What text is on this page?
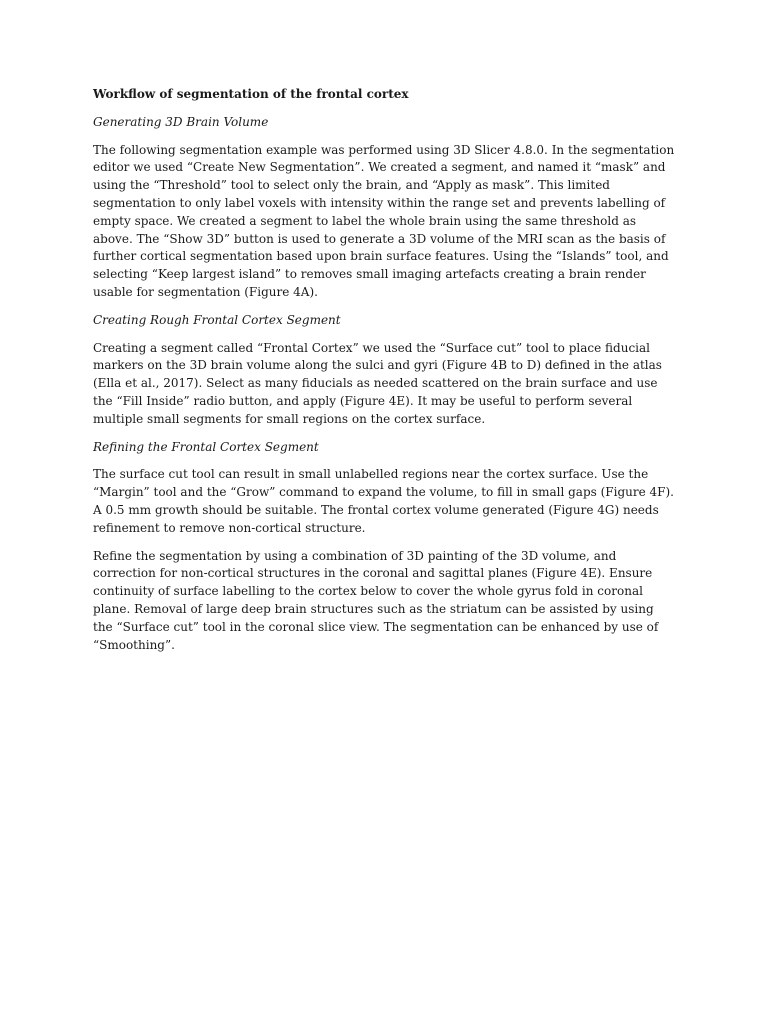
Workflow of segmentation of the frontal cortex

Generating 3D Brain Volume

The following segmentation example was performed using 3D Slicer 4.8.0. In the segmentation editor we used “Create New Segmentation”. We created a segment, and named it “mask” and using the “Threshold” tool to select only the brain, and “Apply as mask”. This limited segmentation to only label voxels with intensity within the range set and prevents labelling of empty space. We created a segment to label the whole brain using the same threshold as above. The “Show 3D” button is used to generate a 3D volume of the MRI scan as the basis of further cortical segmentation based upon brain surface features. Using the “Islands” tool, and selecting “Keep largest island” to removes small imaging artefacts creating a brain render usable for segmentation (Figure 4A).

Creating Rough Frontal Cortex Segment

Creating a segment called “Frontal Cortex” we used the “Surface cut” tool to place fiducial markers on the 3D brain volume along the sulci and gyri (Figure 4B to D) defined in the atlas (Ella et al., 2017). Select as many fiducials as needed scattered on the brain surface and use the “Fill Inside” radio button, and apply (Figure 4E). It may be useful to perform several multiple small segments for small regions on the cortex surface.

Refining the Frontal Cortex Segment

The surface cut tool can result in small unlabelled regions near the cortex surface. Use the “Margin” tool and the “Grow” command to expand the volume, to fill in small gaps (Figure 4F). A 0.5 mm growth should be suitable. The frontal cortex volume generated (Figure 4G) needs refinement to remove non-cortical structure.

Refine the segmentation by using a combination of 3D painting of the 3D volume, and correction for non-cortical structures in the coronal and sagittal planes (Figure 4E). Ensure continuity of surface labelling to the cortex below to cover the whole gyrus fold in coronal plane. Removal of large deep brain structures such as the striatum can be assisted by using the “Surface cut” tool in the coronal slice view. The segmentation can be enhanced by use of “Smoothing”.
